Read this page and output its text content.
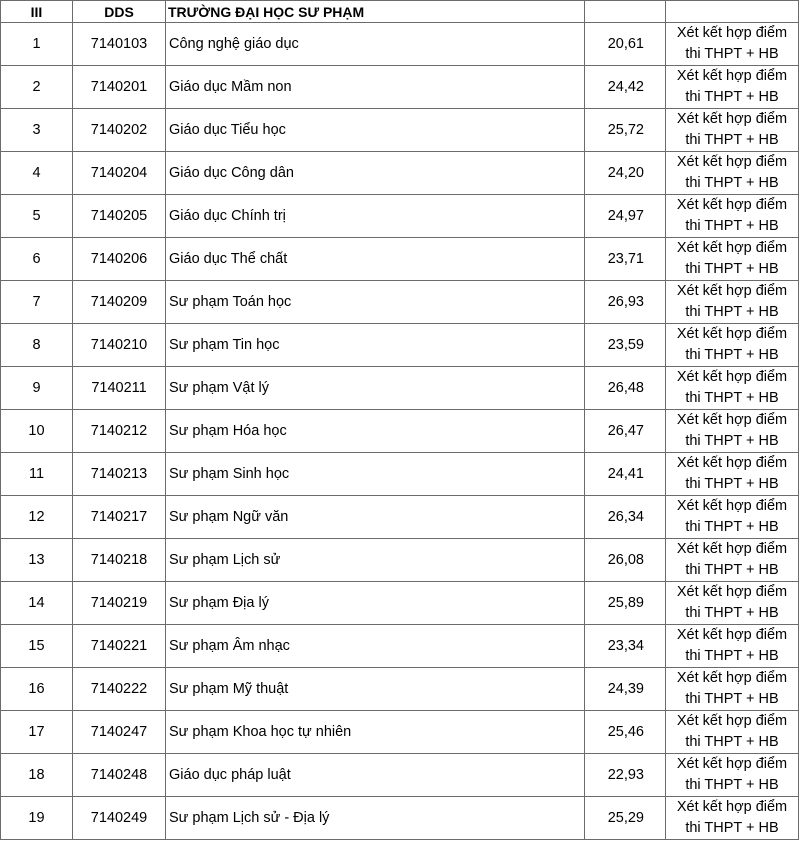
III	DDS	TRƯỜNG ĐẠI HỌC SƯ PHẠM		
1	7140103	Công nghệ giáo dục	20,61	Xét kết hợp điểm
thi THPT + HB

2	7140201	Giáo dục Mầm non	24,42	Xét kết hợp điểm
thi THPT + HB

3	7140202	Giáo dục Tiểu học	25,72	Xét kết hợp điểm
thi THPT + HB

4	7140204	Giáo dục Công dân	24,20	Xét kết hợp điểm
thi THPT + HB

5	7140205	Giáo dục Chính trị	24,97	Xét kết hợp điểm
thi THPT + HB

6	7140206	Giáo dục Thể chất	23,71	Xét kết hợp điểm
thi THPT + HB

7	7140209	Sư phạm Toán học	26,93	Xét kết hợp điểm
thi THPT + HB

8	7140210	Sư phạm Tin học	23,59	Xét kết hợp điểm
thi THPT + HB

9	7140211	Sư phạm Vật lý	26,48	Xét kết hợp điểm
thi THPT + HB

10	7140212	Sư phạm Hóa học	26,47	Xét kết hợp điểm
thi THPT + HB

11	7140213	Sư phạm Sinh học	24,41	Xét kết hợp điểm
thi THPT + HB

12	7140217	Sư phạm Ngữ văn	26,34	Xét kết hợp điểm
thi THPT + HB

13	7140218	Sư phạm Lịch sử	26,08	Xét kết hợp điểm
thi THPT + HB

14	7140219	Sư phạm Địa lý	25,89	Xét kết hợp điểm
thi THPT + HB

15	7140221	Sư phạm Âm nhạc	23,34	Xét kết hợp điểm
thi THPT + HB

16	7140222	Sư phạm Mỹ thuật	24,39	Xét kết hợp điểm
thi THPT + HB

17	7140247	Sư phạm Khoa học tự nhiên	25,46	Xét kết hợp điểm
thi THPT + HB

18	7140248	Giáo dục pháp luật	22,93	Xét kết hợp điểm
thi THPT + HB

19	7140249	Sư phạm Lịch sử - Địa lý	25,29	Xét kết hợp điểm
thi THPT + HB
